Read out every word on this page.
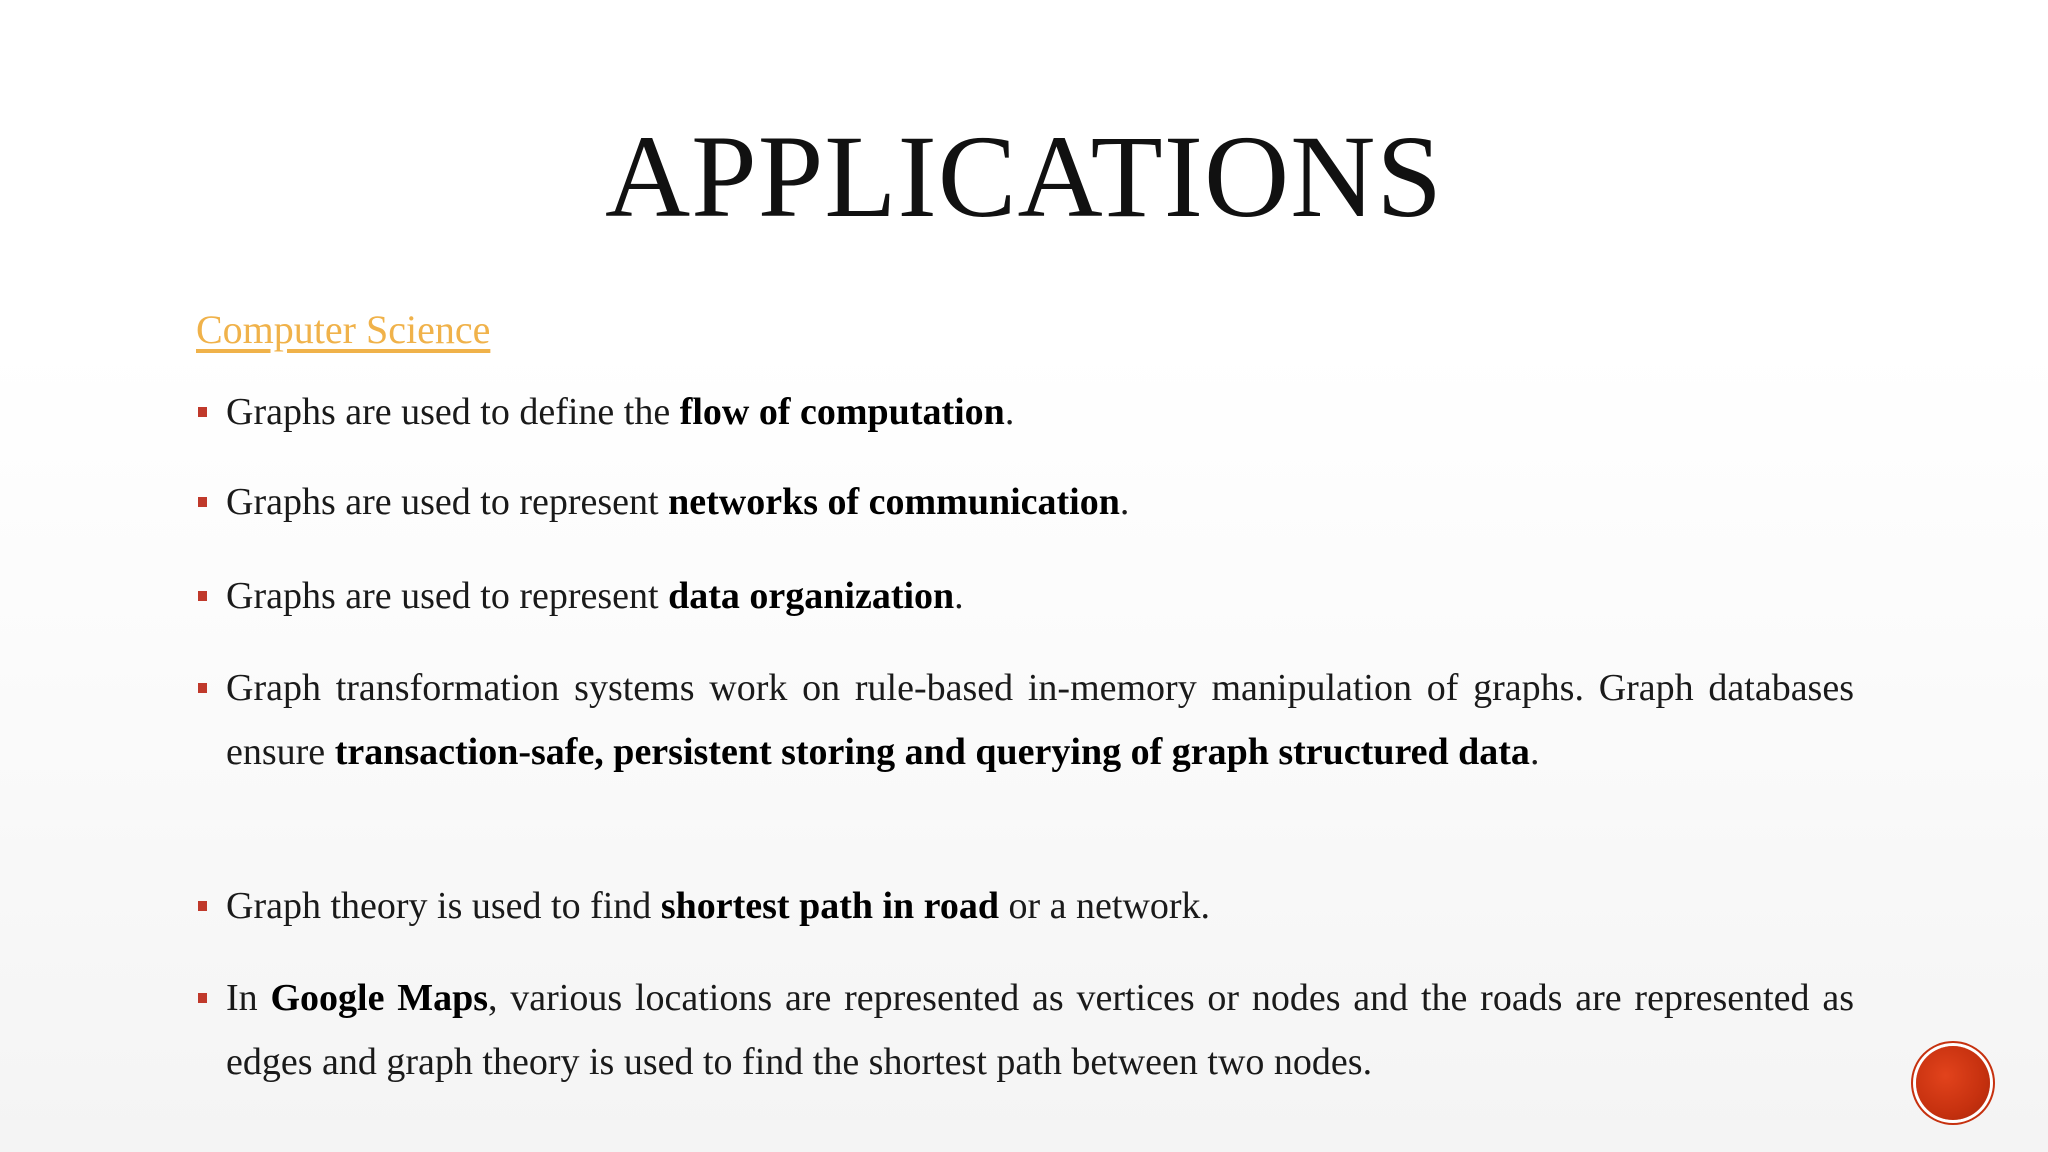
APPLICATIONS
Computer Science
Graphs are used to define the flow of computation.
Graphs are used to represent networks of communication.
Graphs are used to represent data organization.
Graph transformation systems work on rule-based in-memory manipulation of graphs. Graph databases ensure transaction-safe, persistent storing and querying of graph structured data.
Graph theory is used to find shortest path in road or a network.
In Google Maps, various locations are represented as vertices or nodes and the roads are represented as edges and graph theory is used to find the shortest path between two nodes.
